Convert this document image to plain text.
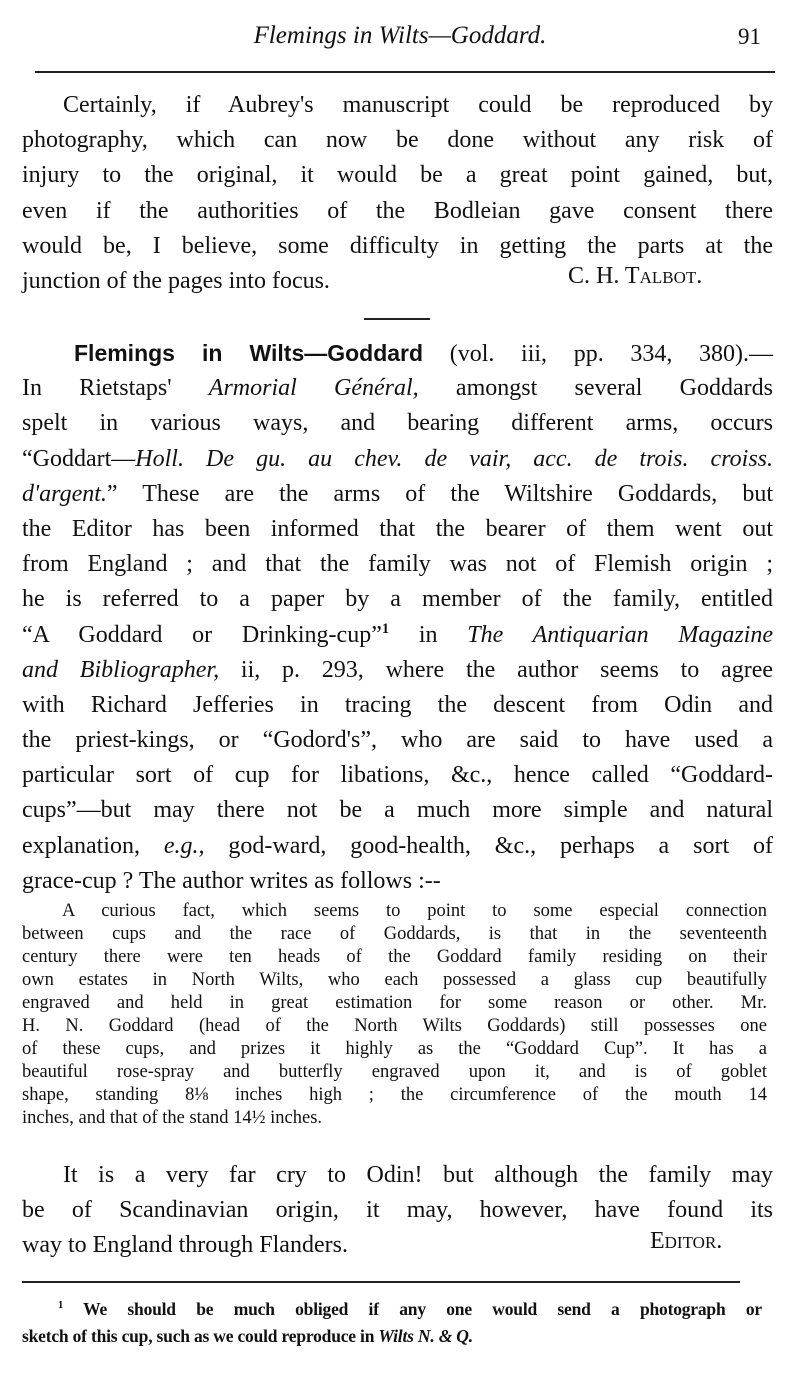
Flemings in Wilts—Goddard.	91
Certainly, if Aubrey's manuscript could be reproduced by
photography, which can now be done without any risk of
injury to the original, it would be a great point gained, but,
even if the authorities of the Bodleian gave consent there
would be, I believe, some difficulty in getting the parts at the
junction of the pages into focus.	C. H. Talbot.
Flemings in Wilts—Goddard (vol. iii, pp. 334, 380).—
In Rietstaps' Armorial Général, amongst several Goddards
spelt in various ways, and bearing different arms, occurs
“Goddart—Holl. De gu. au chev. de vair, acc. de trois. croiss.
d'argent.” These are the arms of the Wiltshire Goddards, but
the Editor has been informed that the bearer of them went out
from England ; and that the family was not of Flemish origin ;
he is referred to a paper by a member of the family, entitled
“A Goddard or Drinking-cup”$^1$ in The Antiquarian Magazine
and Bibliographer, ii, p. 293, where the author seems to agree
with Richard Jefferies in tracing the descent from Odin and
the priest-kings, or “Godord's”, who are said to have used a
particular sort of cup for libations, &c., hence called “Goddard-
cups”—but may there not be a much more simple and natural
explanation, e.g., god-ward, good-health, &c., perhaps a sort of
grace-cup ? The author writes as follows :--
A curious fact, which seems to point to some especial connection
between cups and the race of Goddards, is that in the seventeenth
century there were ten heads of the Goddard family residing on their
own estates in North Wilts, who each possessed a glass cup beautifully
engraved and held in great estimation for some reason or other. Mr.
H. N. Goddard (head of the North Wilts Goddards) still possesses one
of these cups, and prizes it highly as the “Goddard Cup”. It has a
beautiful rose-spray and butterfly engraved upon it, and is of goblet
shape, standing 8⅛ inches high ; the circumference of the mouth 14
inches, and that of the stand 14½ inches.
It is a very far cry to Odin! but although the family may
be of Scandinavian origin, it may, however, have found its
way to England through Flanders.	Editor.
$^1$ We should be much obliged if any one would send a photograph or
sketch of this cup, such as we could reproduce in Wilts N. & Q.
